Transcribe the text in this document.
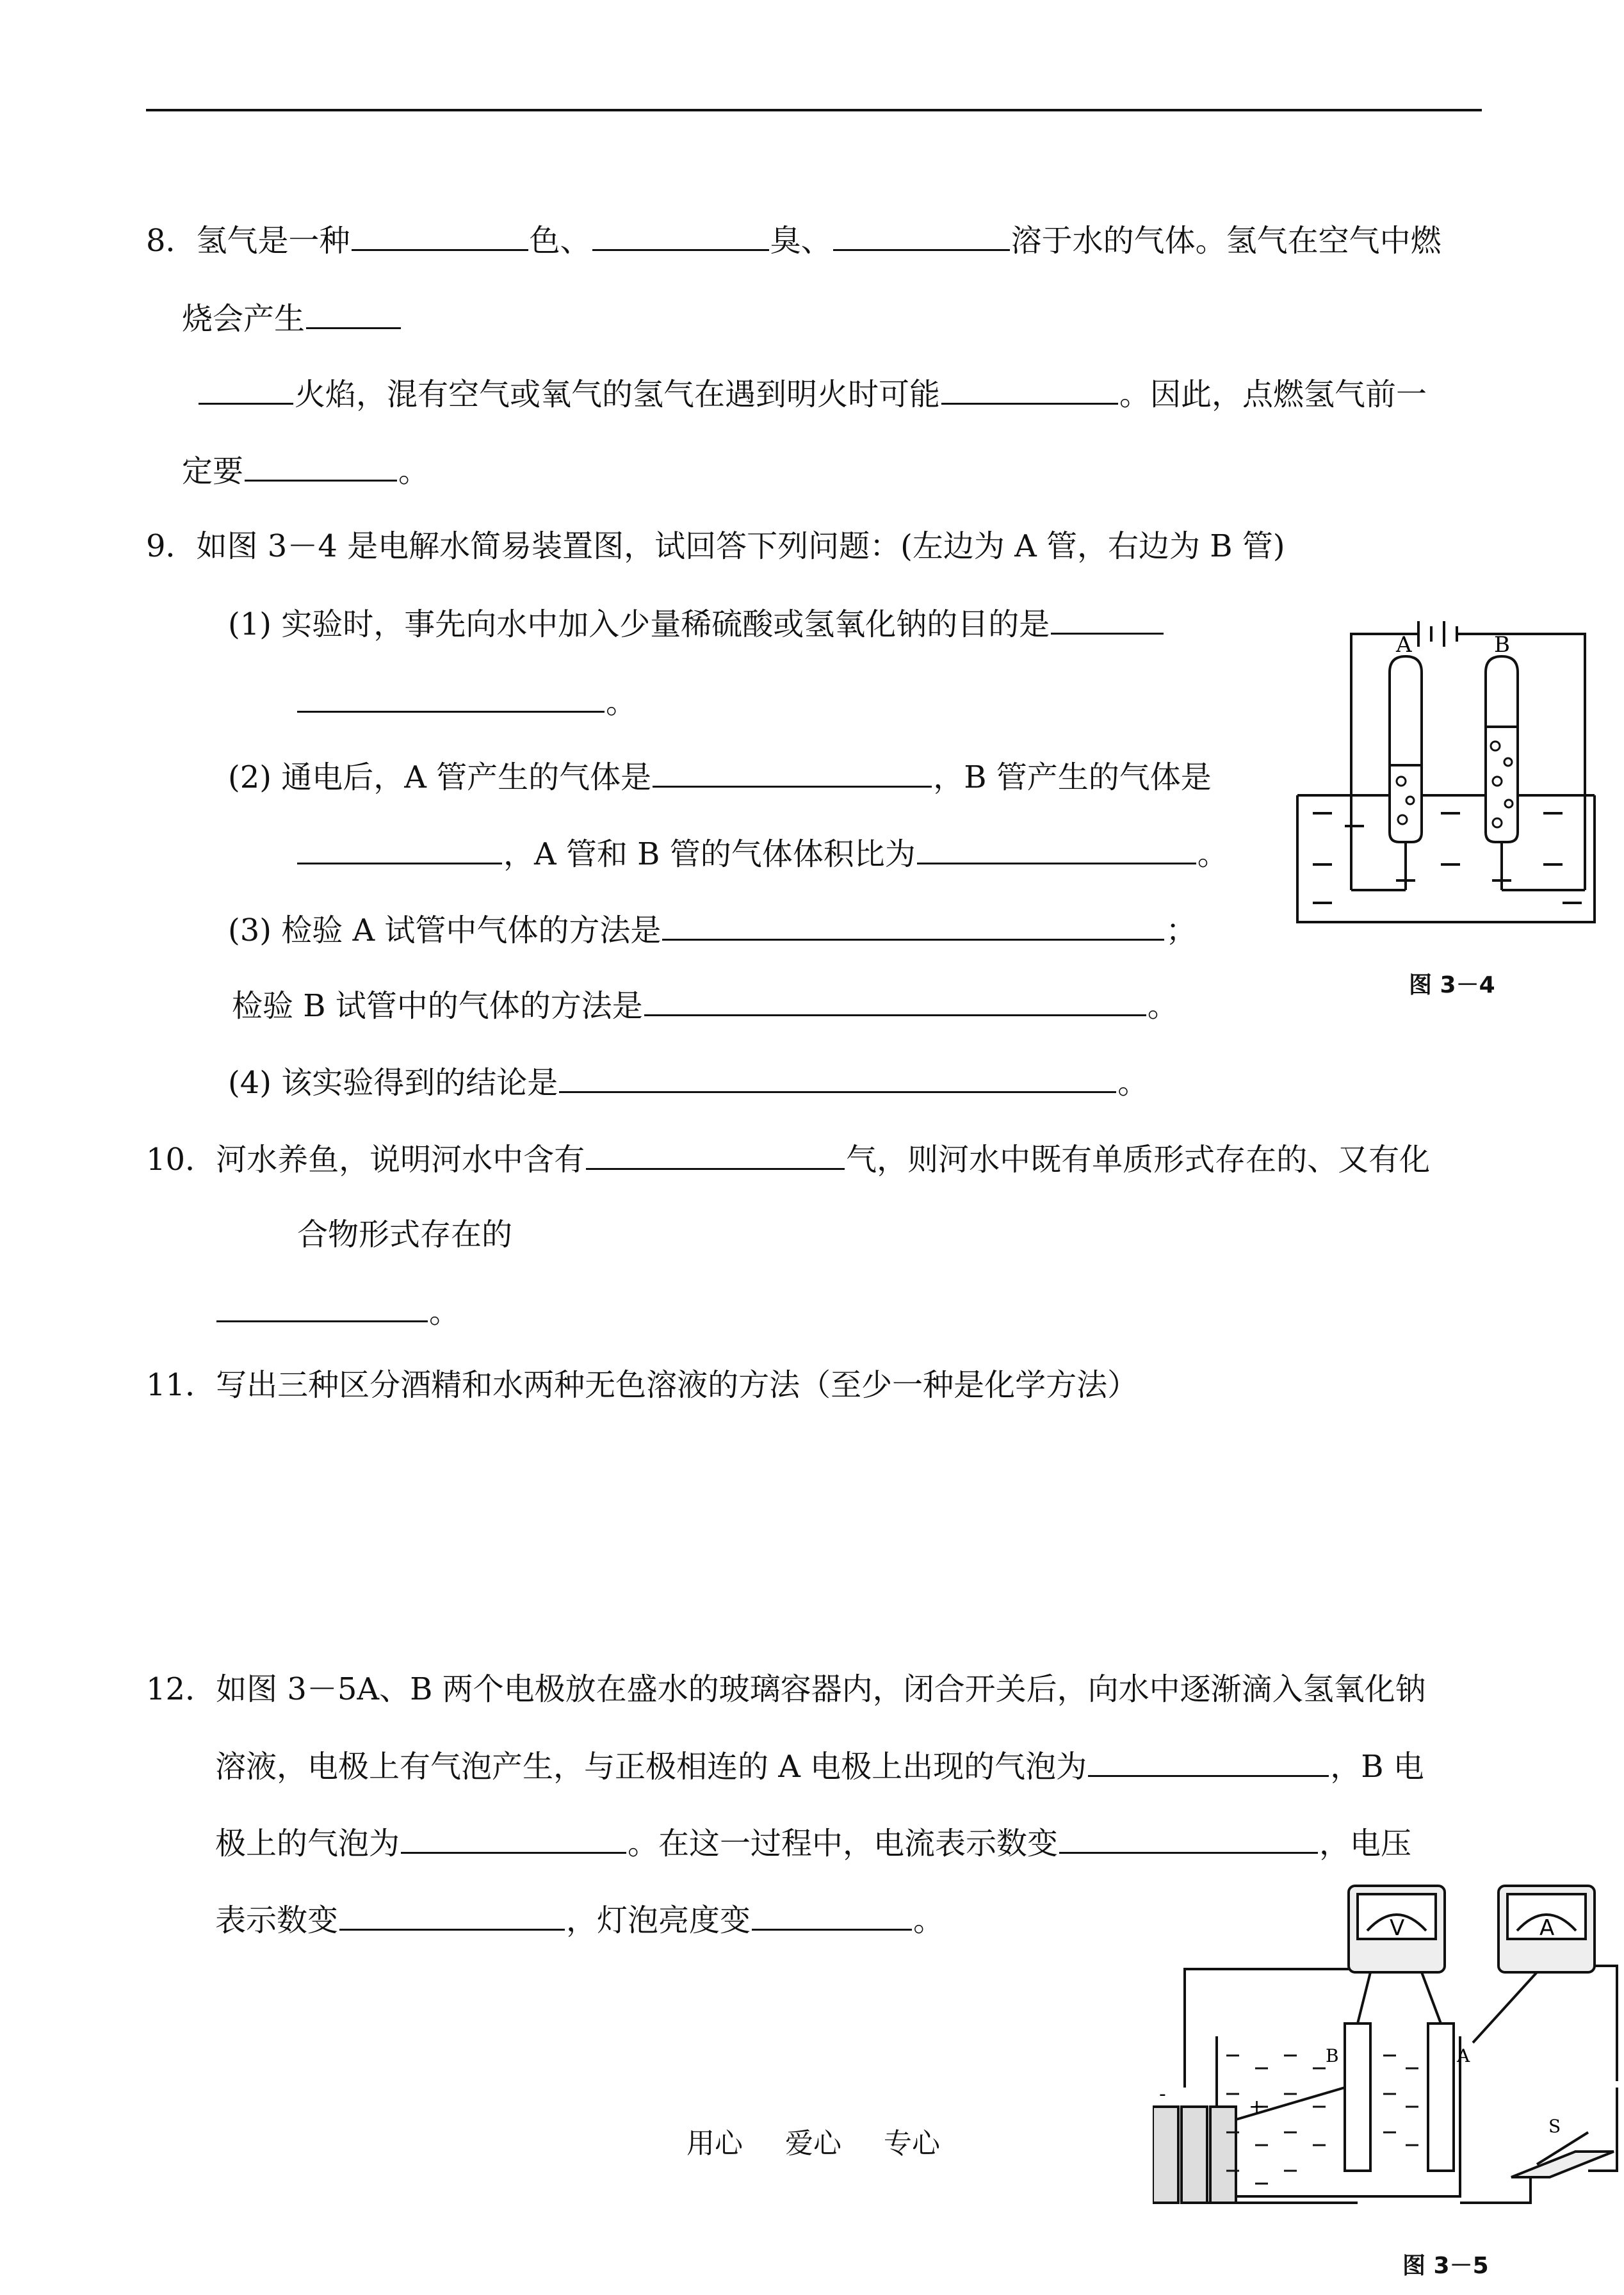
8．氢气是一种	色、	臭、	溶于水的气体。氢气在空气中燃
烧会产生
火焰，混有空气或氧气的氢气在遇到明火时可能	。因此，点燃氢气前一
定要	。
9．如图 3－4 是电解水简易装置图，试回答下列问题：(左边为 A 管，右边为 B 管)
(1) 实验时，事先向水中加入少量稀硫酸或氢氧化钠的目的是
。
(2) 通电后，A 管产生的气体是	，B 管产生的气体是
，A 管和 B 管的气体体积比为	。
(3) 检验 A 试管中气体的方法是	；
检验 B 试管中的气体的方法是	。
(4) 该实验得到的结论是	。
A	B
图 3－4
10．河水养鱼，说明河水中含有	气，则河水中既有单质形式存在的、又有化
合物形式存在的
。
11．写出三种区分酒精和水两种无色溶液的方法（至少一种是化学方法）
12．如图 3－5A、B 两个电极放在盛水的玻璃容器内，闭合开关后，向水中逐渐滴入氢氧化钠
溶液，电极上有气泡产生，与正极相连的 A 电极上出现的气泡为	，B 电
极上的气泡为	。在这一过程中，电流表示数变	，电压
表示数变	，灯泡亮度变	。	V	A
B	A
S
+
-
图 3－5
用心 爱心 专心
